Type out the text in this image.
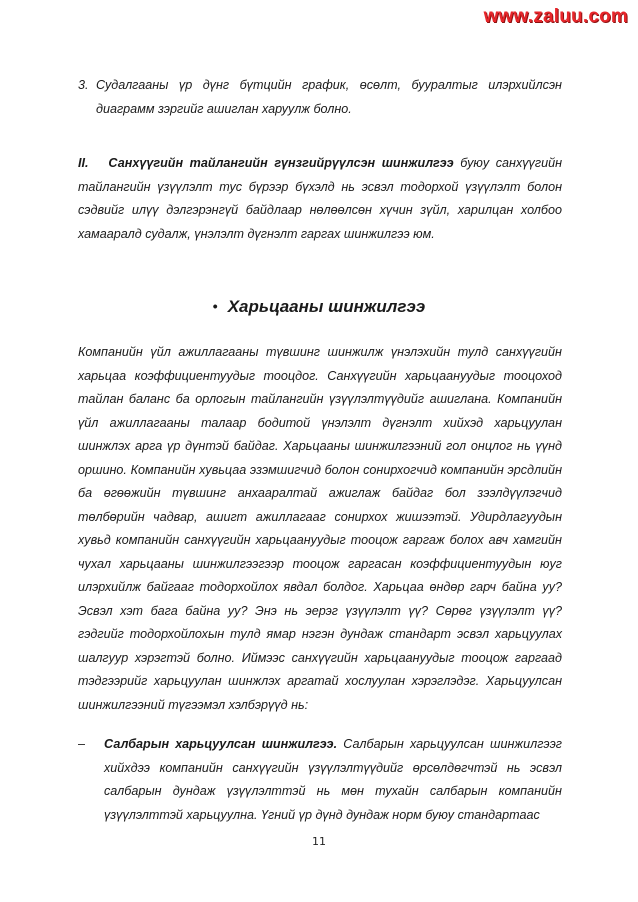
www.zaluu.com
3. Судалгааны үр дүнг бүтцийн график, өсөлт, бууралтыг илэрхийлсэн диаграмм зэргийг ашиглан харуулж болно.

II. Санхүүгийн тайлангийн гүнзгийрүүлсэн шинжилгээ буюу санхүүгийн тайлангийн үзүүлэлт тус бүрээр бүхэлд нь эсвэл тодорхой үзүүлэлт болон сэдвийг илүү дэлгэрэнгүй байдлаар нөлөөлсөн хүчин зүйл, харилцан холбоо хамааралд судалж, үнэлэлт дүгнэлт гаргах шинжилгээ юм.

• Харьцааны шинжилгээ

Компанийн үйл ажиллагааны түвшинг шинжилж үнэлэхийн тулд санхүүгийн харьцаа коэффициентуудыг тооцдог. Санхүүгийн харьцаануудыг тооцоход тайлан баланс ба орлогын тайлангийн үзүүлэлтүүдийг ашиглана. Компанийн үйл ажиллагааны талаар бодитой үнэлэлт дүгнэлт хийхэд харьцуулан шинжлэх арга үр дүнтэй байдаг. Харьцааны шинжилгээний гол онцлог нь үүнд оршино. Компанийн хувьцаа эзэмшигчид болон сонирхогчид компанийн эрсдлийн ба өгөөжийн түвшинг анхааралтай ажиглаж байдаг бол зээлдүүлэгчид төлбөрийн чадвар, ашигт ажиллагааг сонирхох жишээтэй. Удирдлагуудын хувьд компанийн санхүүгийн харьцаануудыг тооцож гаргаж болох авч хамгийн чухал харьцааны шинжилгээгээр тооцож гаргасан коэффициентуудын юуг илэрхийлж байгааг тодорхойлох явдал болдог. Харьцаа өндөр гарч байна уу? Эсвэл хэт бага байна уу? Энэ нь эерэг үзүүлэлт үү? Сөрөг үзүүлэлт үү? гэдгийг тодорхойлохын тулд ямар нэгэн дундаж стандарт эсвэл харьцуулах шалгуур хэрэгтэй болно. Иймээс санхүүгийн харьцаануудыг тооцож гаргаад тэдгээрийг харьцуулан шинжлэх аргатай хослуулан хэрэглэдэг. Харьцуулсан шинжилгээний түгээмэл хэлбэрүүд нь:

– Салбарын харьцуулсан шинжилгээ. Салбарын харьцуулсан шинжилгээг хийхдээ компанийн санхүүгийн үзүүлэлтүүдийг өрсөлдөгчтэй нь эсвэл салбарын дундаж үзүүлэлттэй нь мөн тухайн салбарын компанийн үзүүлэлттэй харьцуулна. Үгний үр дүнд дундаж норм буюу стандартаас

11
